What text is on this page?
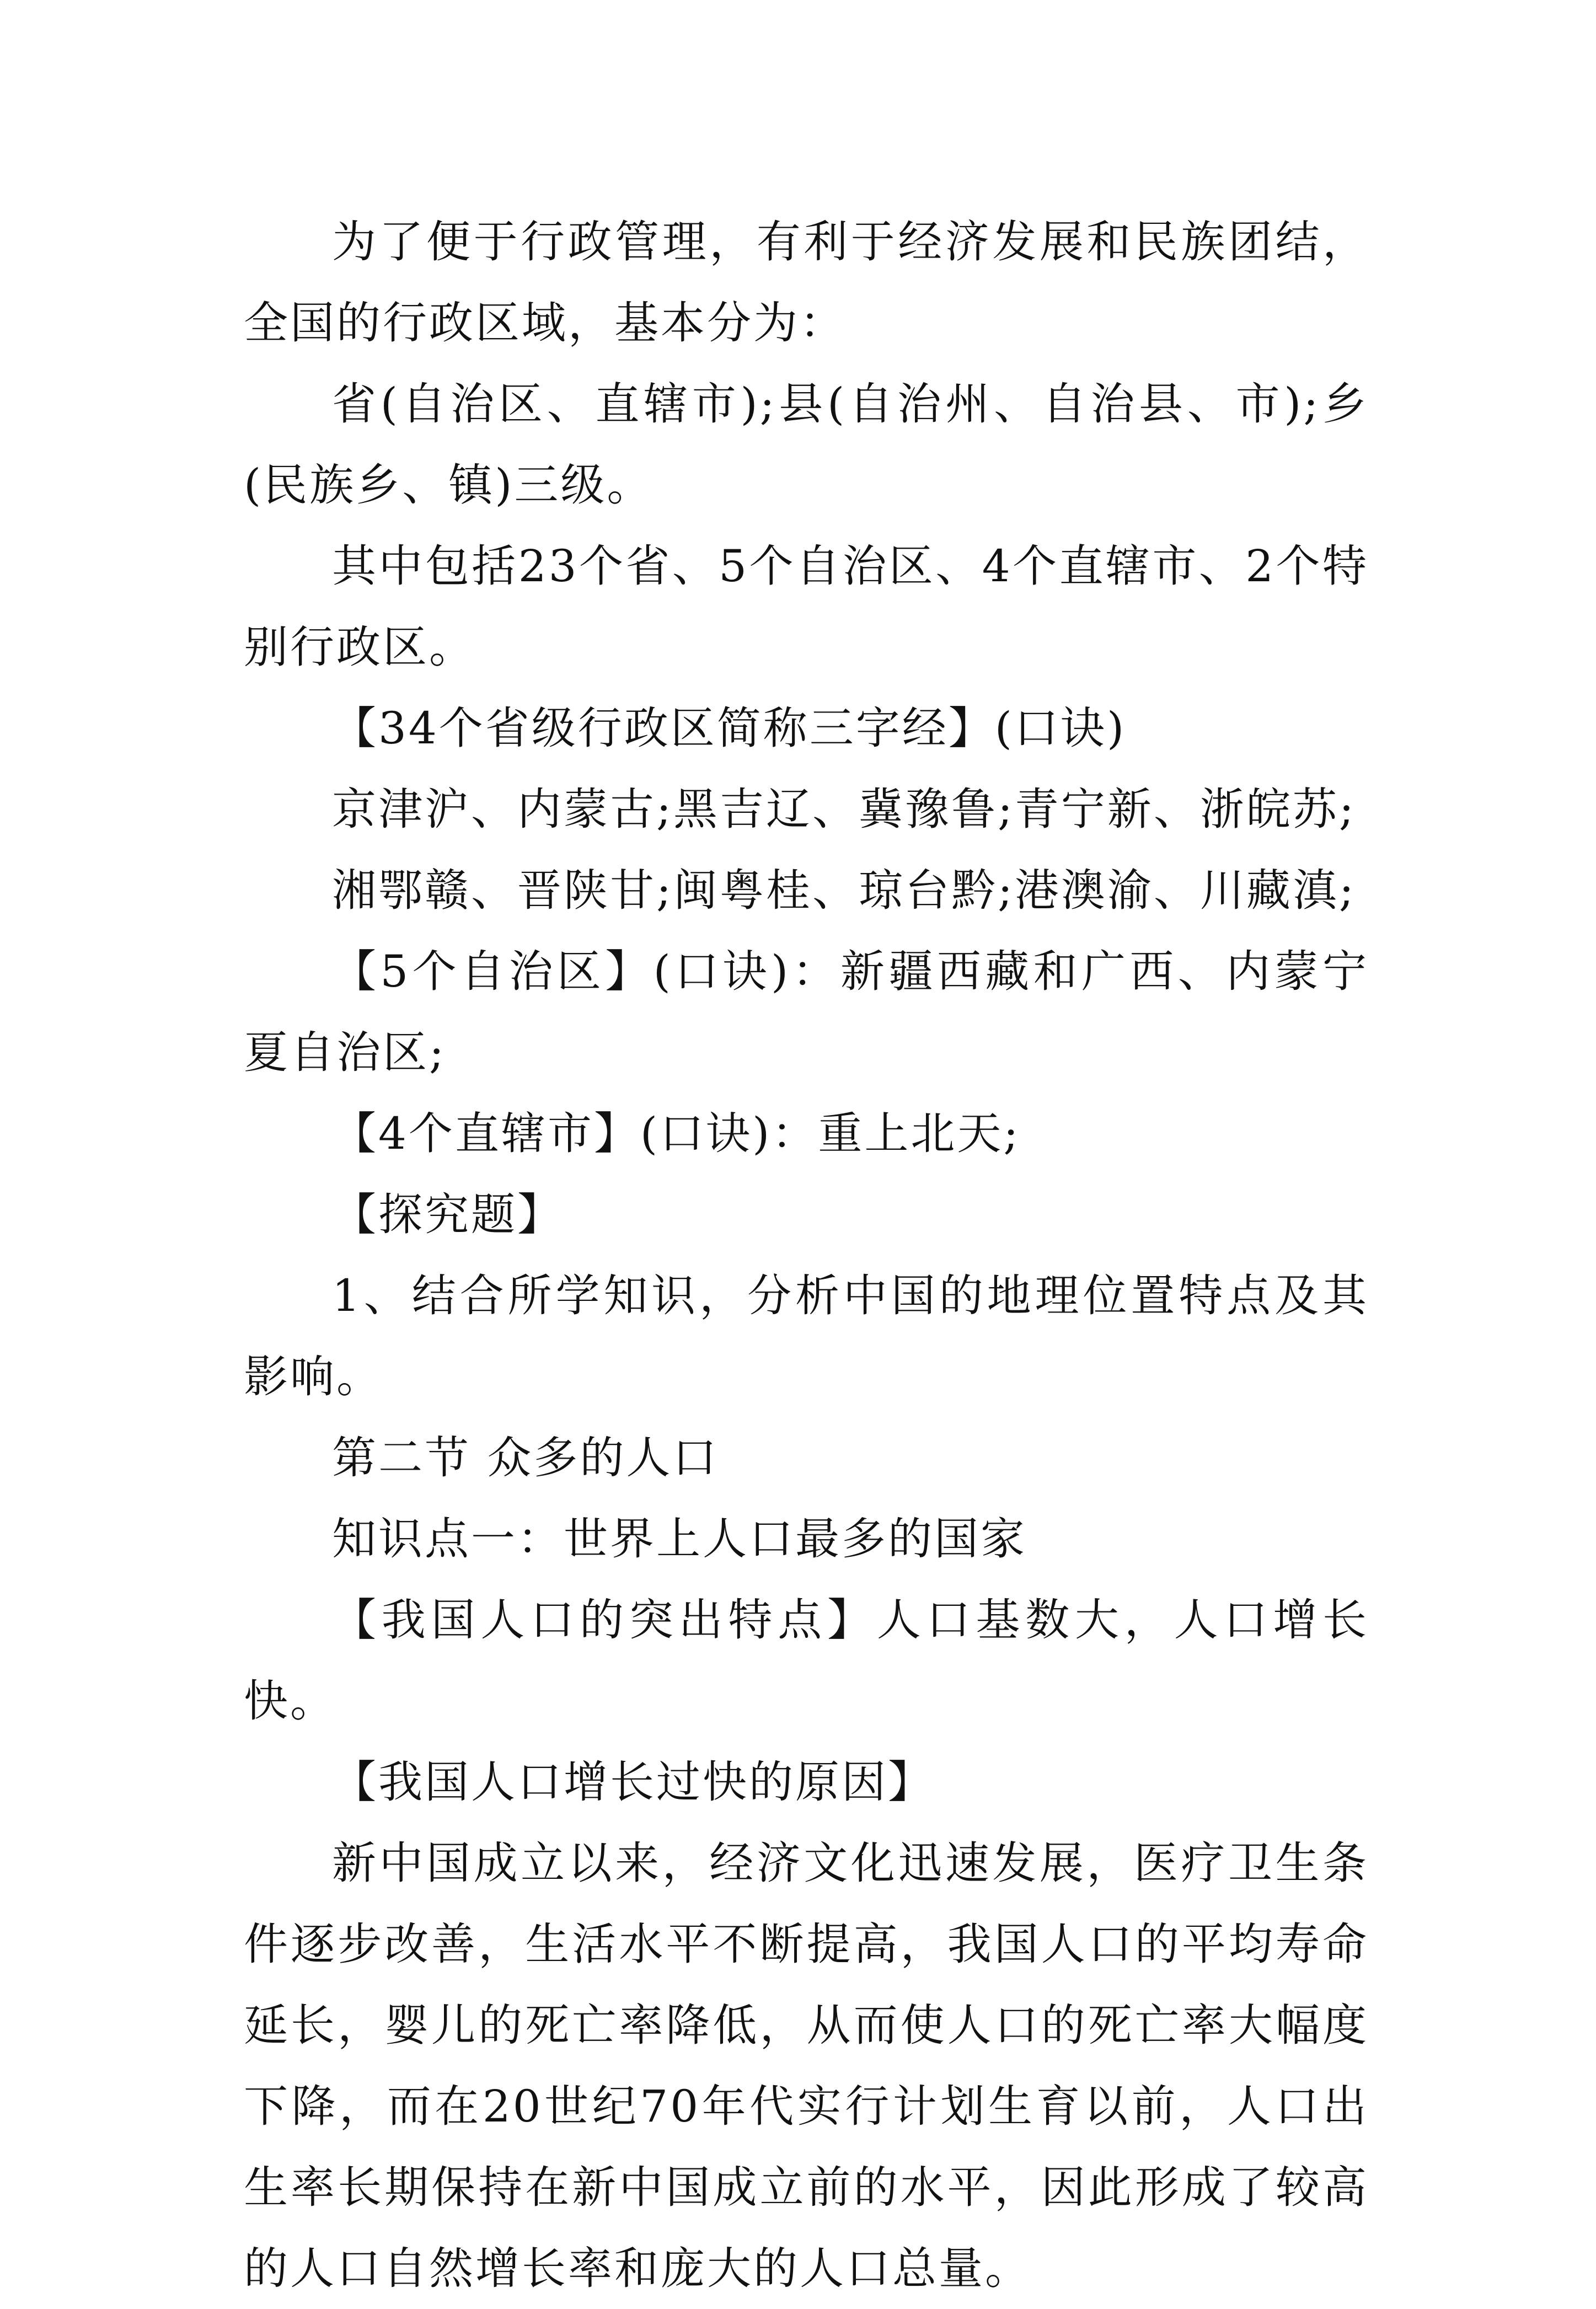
为了便于行政管理，有利于经济发展和民族团结，全国的行政区域，基本分为：

省(自治区、直辖市);县(自治州、自治县、市);乡(民族乡、镇)三级。

其中包括23个省、5个自治区、4个直辖市、2个特别行政区。

【34个省级行政区简称三字经】(口诀)

京津沪、内蒙古;黑吉辽、冀豫鲁;青宁新、浙皖苏;

湘鄂赣、晋陕甘;闽粤桂、琼台黔;港澳渝、川藏滇;

【5个自治区】(口诀)：新疆西藏和广西、内蒙宁夏自治区;

【4个直辖市】(口诀)：重上北天;

【探究题】

1、结合所学知识，分析中国的地理位置特点及其影响。

第二节 众多的人口

知识点一：世界上人口最多的国家

【我国人口的突出特点】人口基数大，人口增长快。

【我国人口增长过快的原因】

新中国成立以来，经济文化迅速发展，医疗卫生条件逐步改善，生活水平不断提高，我国人口的平均寿命延长，婴儿的死亡率降低，从而使人口的死亡率大幅度下降，而在20世纪70年代实行计划生育以前，人口出生率长期保持在新中国成立前的水平，因此形成了较高的人口自然增长率和庞大的人口总量。
